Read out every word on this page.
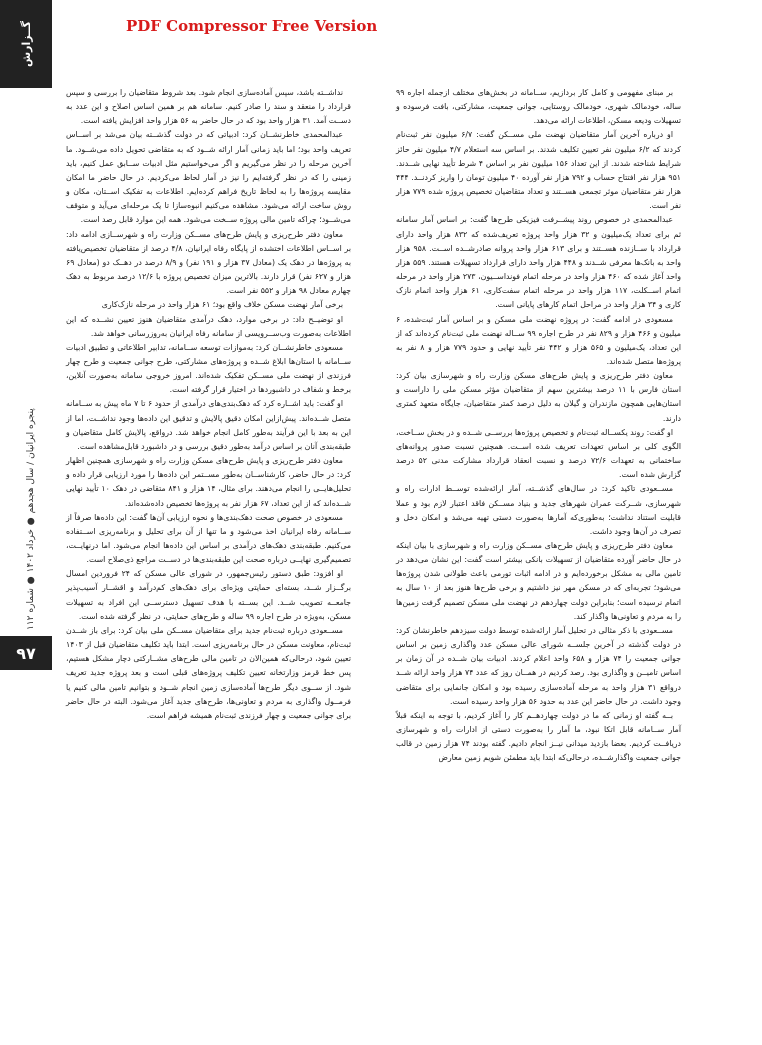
گــزارش
پنجره ایرانیان / سال هجدهم ● خرداد ۱۴۰۲ ● شماره ۱۱۲
۹۷
PDF Compressor Free Version

بر مبنای مفهومی و کامل کار بردازیم، ســامانه در بخش‌های مختلف ازجمله اجاره ۹۹ ساله، خودمالک شهری، خودمالک روستایی، جوانی جمعیت، مشارکتی، بافت فرسوده و تسهیلات ودیعه مسکن، اطلاعات ارائه می‌دهد.

او درباره آخرین آمار متقاضیان نهضت ملی مســکن گفت: ۶/۷ میلیون نفر ثبت‌نام کردند که ۶/۲ میلیون نفر تعیین تکلیف شدند. بر اساس سه استعلام ۴/۷ میلیون نفر حائز شرایط شناخته شدند. از این تعداد ۱۵۶ میلیون نفر بر اساس ۴ شرط تأیید نهایی شــدند. ۹۵۱ هزار نفر افتتاح حساب و ۷۹۲ هزار نفر آورده ۴۰ میلیون تومان را واریز کردنــد. ۴۴۴ هزار نفر متقاضیان موثر تجمعی هســتند و تعداد متقاضیان تخصیص پروژه شده ۷۷۹ هزار نفر است.

عبدالمحمدی در خصوص روند پیشــرفت فیزیکی طرح‌ها گفت: بر اساس آمار سامانه ثم برای تعداد یک‌میلیون و ۳۲ هزار واحد پروژه تعریف‌شده که ۸۳۲ هزار واحد دارای قرارداد با ســازنده هســتند و برای ۶۱۳ هزار واحد پروانه صادرشــده اســت. ۹۵۸ هزار واحد به بانک‌ها معرفی شــدند و ۴۴۸ هزار واحد دارای قرارداد تسهیلات هستند. ۵۵۹ هزار واحد آغاز شده که ۴۶۰ هزار واحد در مرحله اتمام فونداســیون، ۲۷۳ هزار واحد در مرحله اتمام اســکلت، ۱۱۷ هزار واحد در مرحله اتمام سفت‌کاری، ۶۱ هزار واحد اتمام نازک کاری و ۳۴ هزار واحد در مراحل اتمام کارهای پایانی است.

مسعودی در ادامه گفت: در پروژه نهضت ملی مسکن و بر اساس آمار ثبت‌شده، ۶ میلیون و ۴۶۶ هزار و ۸۲۹ نفر در طرح اجاره ۹۹ ســاله نهضت ملی ثبت‌نام کرده‌اند که از این تعداد، یک‌میلیون و ۵۶۵ هزار و ۴۴۲ نفر تأیید نهایی و حدود ۷۷۹ هزار و ۸ نفر به پروژه‌ها متصل شده‌اند.

معاون دفتر طرح‌ریزی و پایش طرح‌های مسکن وزارت راه و شهرسازی بیان کرد: استان فارس با ۱۱ درصد بیشترین سهم از متقاضیان مؤثر مسکن ملی را داراست و استان‌هایی همچون مازندران و گیلان به دلیل درصد کمتر متقاضیان، جایگاه متعهد کمتری دارند.

او گفت: روند یکســاله ثبت‌نام و تخصیص پروژه‌ها بررســی شــده و در بخش ســاخت، الگوی کلی بر اساس تعهدات تعریف شده اســت. همچنین نسبت صدور پروانه‌های ساختمانی به تعهدات ۷۲/۶ درصد و نسبت انعقاد قرارداد مشارکت مدنی ۵۲ درصد گزارش شده است.

مســعودی تاکید کرد: در سال‌های گذشــته، آمار ارائه‌شده توســط ادارات راه و شهرسازی، شــرکت عمران شهرهای جدید و بنیاد مســکن فاقد اعتبار لازم بود و عملا قابلیت استناد نداشت؛ به‌طوری‌که آمارها به‌صورت دستی تهیه می‌شد و امکان دخل و تصرف در آن‌ها وجود داشت.

معاون دفتر طرح‌ریزی و پایش طرح‌های مســکن وزارت راه و شهرسازی با بیان اینکه در حال حاضر آورده متقاضیان از تسهیلات بانکی بیشتر است گفت: این نشان می‌دهد در تامین مالی به مشکل برخورده‌ایم و در ادامه اثبات تورمی باعث طولانی شدن پروژه‌ها می‌شود؛ تجربه‌ای که در مسکن مهر نیز داشتیم و برخی طرح‌ها هنوز بعد از ۱۰ سال به اتمام نرسیده است؛ بنابراین دولت چهاردهم در نهضت ملی مسکن تصمیم گرفت زمین‌ها را به مردم و تعاونی‌ها واگذار کند.

مســعودی با ذکر مثالی در تحلیل آمار ارائه‌شده توسط دولت سیزدهم خاطرنشان کرد: در دولت گذشته در آخرین جلســه شورای عالی مسکن عدد واگذاری زمین بر اساس جوانی جمعیت را ۷۴ هزار و ۶۵۸ واحد اعلام کردند. ادبیات بیان شــده در آن زمان بر اساس تامیــن و واگذاری بود. رصد کردیم در همــان روز که عدد ۷۴ هزار واحد ارائه شــد درواقع ۳۱ هزار واحد به مرحله آماده‌سازی رسیده بود و امکان جانمایی برای متقاضی وجود داشت. در حال حاضر این عدد به حدود ۵۶ هزار واحد رسیده است.

بــه گفته او زمانی که ما در دولت چهاردهــم کار را آغاز کردیم، با توجه به اینکه قبلاً آمار ســامانه قابل اتکا نبود، ما آمار را به‌صورت دستی از ادارات راه و شهرسازی دریافــت کردیم. بعضا بازدید میدانی نیــز انجام دادیم. گفته بودند ۷۴ هزار زمین در قالب جوانی جمعیت واگذارشــده، درحالی‌که ابتدا باید مطمئن شویم زمین معارض

نداشــته باشد، سپس آماده‌سازی انجام شود. بعد شروط متقاضیان را بررسی و سپس قرارداد را منعقد و سند را صادر کنیم. سامانه هم بر همین اساس اصلاح و این عدد به دســت آمد. ۳۱ هزار واحد بود که در حال حاضر به ۵۶ هزار واحد افزایش یافته است.

عبدالمحمدی خاطرنشــان کرد: ادبیاتی که در دولت گذشــته بیان می‌شد بر اســاس تعریف واحد بود؛ اما باید زمانی آمار ارائه شــود که به متقاضی تحویل داده می‌شــود. ما آخرین مرحله را در نظر می‌گیریم و اگر می‌خواستیم مثل ادبیات ســابق عمل کنیم، باید زمینی را که در نظر گرفته‌ایم را نیز در آمار لحاظ می‌کردیم. در حال حاضر ما امکان مقایسه پروژه‌ها را به لحاظ تاریخ فراهم کرده‌ایم. اطلاعات به تفکیک اســتان، مکان و روش ساخت ارائه می‌شود. مشاهده می‌کنیم انبوه‌سازا تا یک مرحله‌ای می‌آید و متوقف می‌شــود؛ چراکه تامین مالی پروژه ســخت می‌شود. همه این موارد قابل رصد است.

معاون دفتر طرح‌ریزی و پایش طرح‌های مســکن وزارت راه و شهرســازی ادامه داد: بر اســاس اطلاعات اختشده از پایگاه رفاه ایرانیان، ۴/۸ درصد از متقاضیان تخصیص‌یافته به پروژه‌ها در دهک یک (معادل ۳۷ هزار و ۱۹۱ نفر) و ۸/۹ درصد در دهــک دو (معادل ۶۹ هزار و ۶۲۷ نفر) قرار دارند. بالاترین میزان تخصیص پروژه با ۱۲/۶ درصد مربوط به دهک چهارم معادل ۹۸ هزار و ۵۵۲ نفر است.

برخی آمار نهضت مسکن خلاف واقع بود؛ ۶۱ هزار واحد در مرحله نازک‌کاری

او توضیــح داد: در برخی موارد، دهک درآمدی متقاضیان هنوز تعیین نشــده که این اطلاعات به‌صورت وب‌ســرویسی از سامانه رفاه ایرانیان به‌روزرسانی خواهد شد.

مسعودی خاطرنشــان کرد: به‌موازات توسعه ســامانه، تدابیر اطلاعاتی و تطبیق ادبیات ســامانه با استان‌ها ابلاغ شــده و پروژه‌های مشارکتی، طرح جوانی جمعیت و طرح چهار فرزندی از نهضت ملی مســکن تفکیک شده‌اند. امروز خروجی سامانه به‌صورت آنلاین، برخط و شفاف در داشبوردها در اختیار قرار گرفته است.

او گفت: باید اشــاره کرد که دهک‌بندی‌های درآمدی از حدود ۶ تا ۷ ماه پیش به ســامانه متصل شــده‌اند. پیش‌ازاین امکان دقیق پالایش و تدقیق این داده‌ها وجود نداشــت، اما از این به بعد با این فرآیند به‌طور کامل انجام خواهد شد. درواقع، پالایش کامل متقاضیان و طبقه‌بندی آنان بر اساس درآمد به‌طور دقیق بررسی و در داشبورد قابل‌مشاهده است.

معاون دفتر طرح‌ریزی و پایش طرح‌های مسکن وزارت راه و شهرسازی همچنین اظهار کرد: در حال حاضر، کارشناســان به‌طور مســتمر این داده‌ها را مورد ارزیابی قرار داده و تحلیل‌هایــی را انجام می‌دهند. برای مثال، ۱۴ هزار و ۸۴۱ متقاضی در دهک ۱۰ تأیید نهایی شــده‌اند که از این تعداد، ۶۷ هزار نفر به پروژه‌ها تخصیص داده‌شده‌اند.

مسعودی در خصوص صحت دهک‌بندی‌ها و نحوه ارزیابی آن‌ها گفت: این داده‌ها صرفاً از ســامانه رفاه ایرانیان اخذ می‌شود و ما تنها از آن برای تحلیل و برنامه‌ریزی اســتفاده می‌کنیم. طبقه‌بندی دهک‌های درآمدی بر اساس این داده‌ها انجام می‌شود. اما درنهایــت، تصمیم‌گیری نهایــی درباره صحت این طبقه‌بندی‌ها در دســت مراجع ذی‌صلاح است.

او افزود: طبق دستور رئیس‌جمهور، در شورای عالی مسکن که ۲۴ فروردین امسال برگــزار شــد، بسته‌ای حمایتی ویژه‌ای برای دهک‌های کم‌درآمد و اقشــار آسیب‌پذیر جامعــه تصویب شــد. این بســته با هدف تسهیل دسترســی این افراد به تسهیلات مسکن، به‌ویژه در طرح اجاره ۹۹ ساله و طرح‌های حمایتی، در نظر گرفته شده است.

مســعودی درباره ثبت‌نام جدید برای متقاضیان مســکن ملی بیان کرد: برای باز شــدن ثبت‌نام، معاونت مسکن در حال برنامه‌ریزی است. ابتدا باید تکلیف متقاضیان قبل از ۱۴۰۳ تعیین شود، درحالی‌که همین‌الان در تامین مالی طرح‌های مشــارکتی دچار مشکل هستیم، پس خط قرمز وزارتخانه تعیین تکلیف پروژه‌های قبلی است و بعد پروژه جدید تعریف شود. از ســوی دیگر طرح‌ها آماده‌سازی زمین انجام شــود و بتوانیم تامین مالی کنیم یا فرمــول واگذاری به مردم و تعاونی‌ها، طرح‌های جدید آغاز می‌شود. البته در حال حاضر برای جوانی جمعیت و چهار فرزندی ثبت‌نام همیشه فراهم است.
